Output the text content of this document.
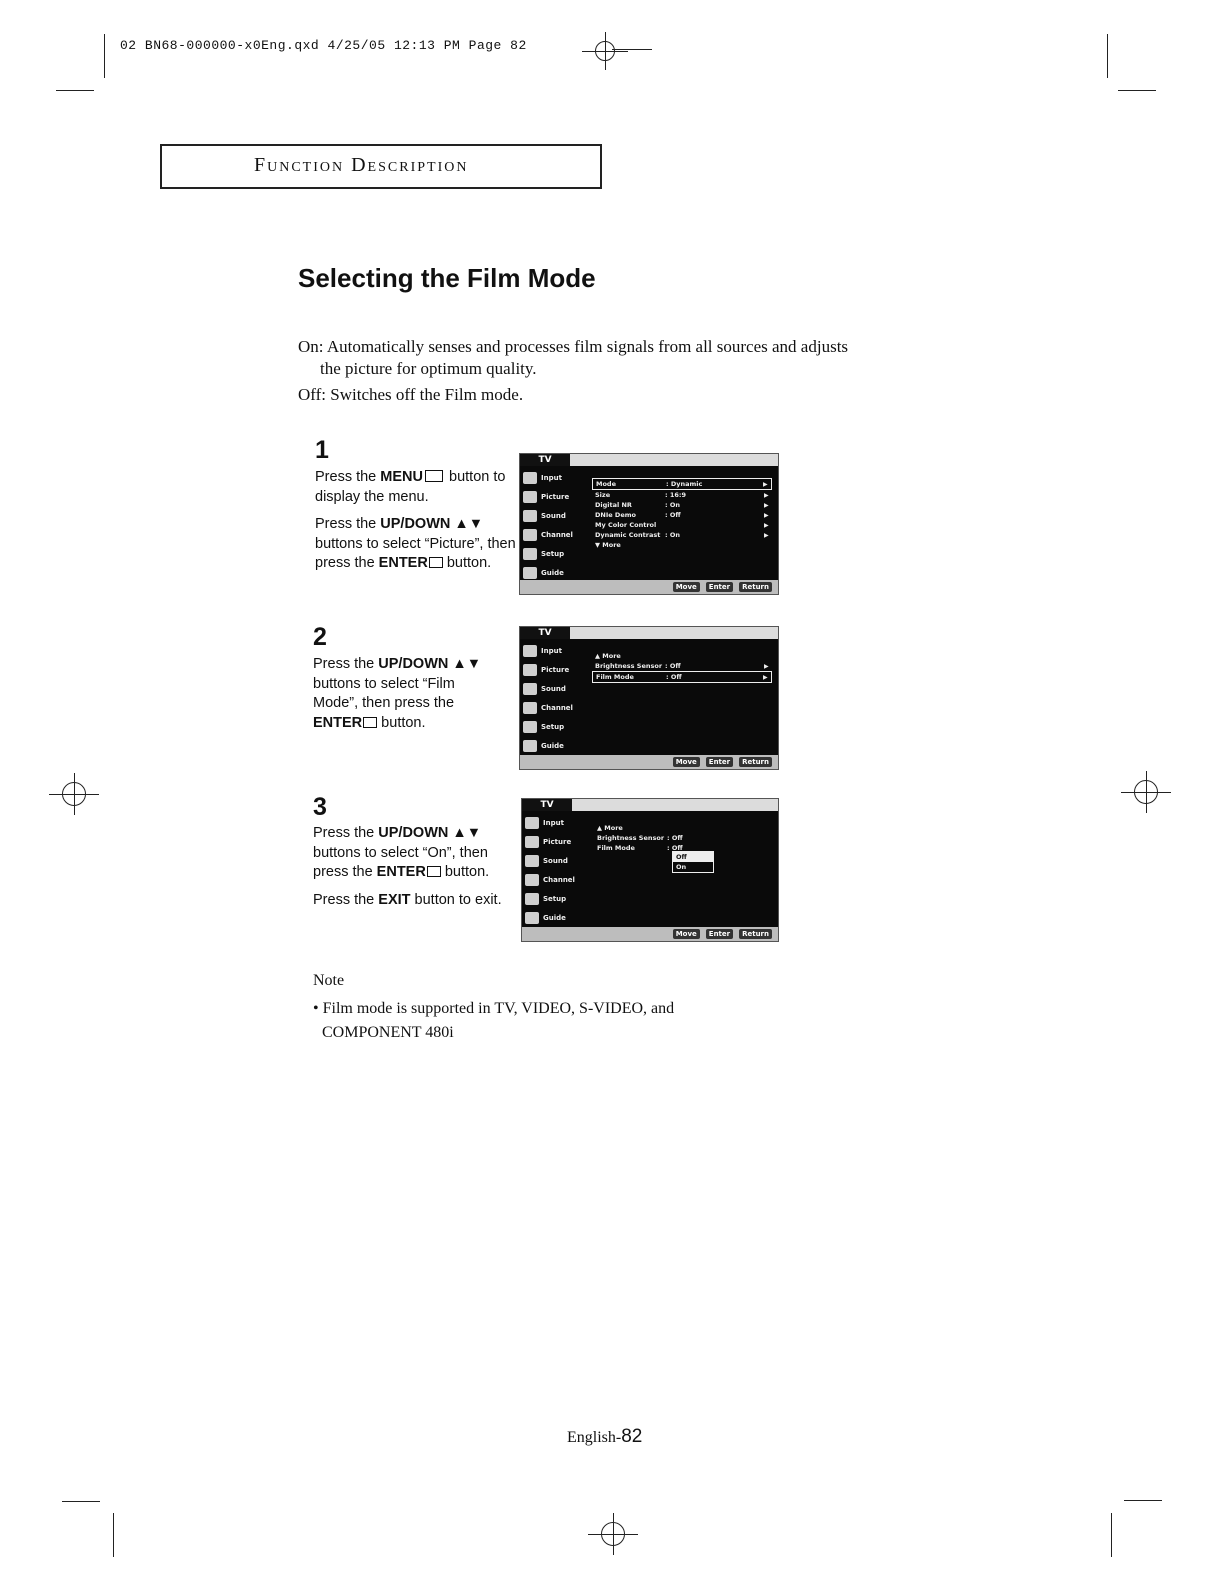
02 BN68-000000-x0Eng.qxd 4/25/05 12:13 PM Page 82
Function Description
Selecting the Film Mode
On: Automatically senses and processes film signals from all sources and adjusts
the picture for optimum quality.
Off: Switches off the Film mode.
1

Press the MENU button to display the menu.

Press the UP/DOWN ▲▼ buttons to select “Picture”, then press the ENTER button.

TV
Input
Picture
Sound
Channel
Setup
Guide
Mode	: Dynamic	▶
Size	: 16:9	▶
Digital NR	: On	▶
DNIe Demo	: Off	▶
My Color Control	▶
Dynamic Contrast : On	▶
▼ More
Move	Enter	Return
2

Press the UP/DOWN ▲▼ buttons to select “Film Mode”, then press the ENTER button.

TV
Input
Picture
Sound
Channel
Setup
Guide
▲ More
Brightness Sensor : Off	▶
Film Mode	: Off	▶
Move	Enter	Return
3

Press the UP/DOWN ▲▼ buttons to select “On”, then press the ENTER button.

Press the EXIT button to exit.

TV
Input
Picture
Sound
Channel
Setup
Guide
▲ More
Brightness Sensor : Off
Film Mode	: Off
Off
On
Move	Enter	Return
Note
• Film mode is supported in TV, VIDEO, S-VIDEO, and
COMPONENT 480i
English-82
